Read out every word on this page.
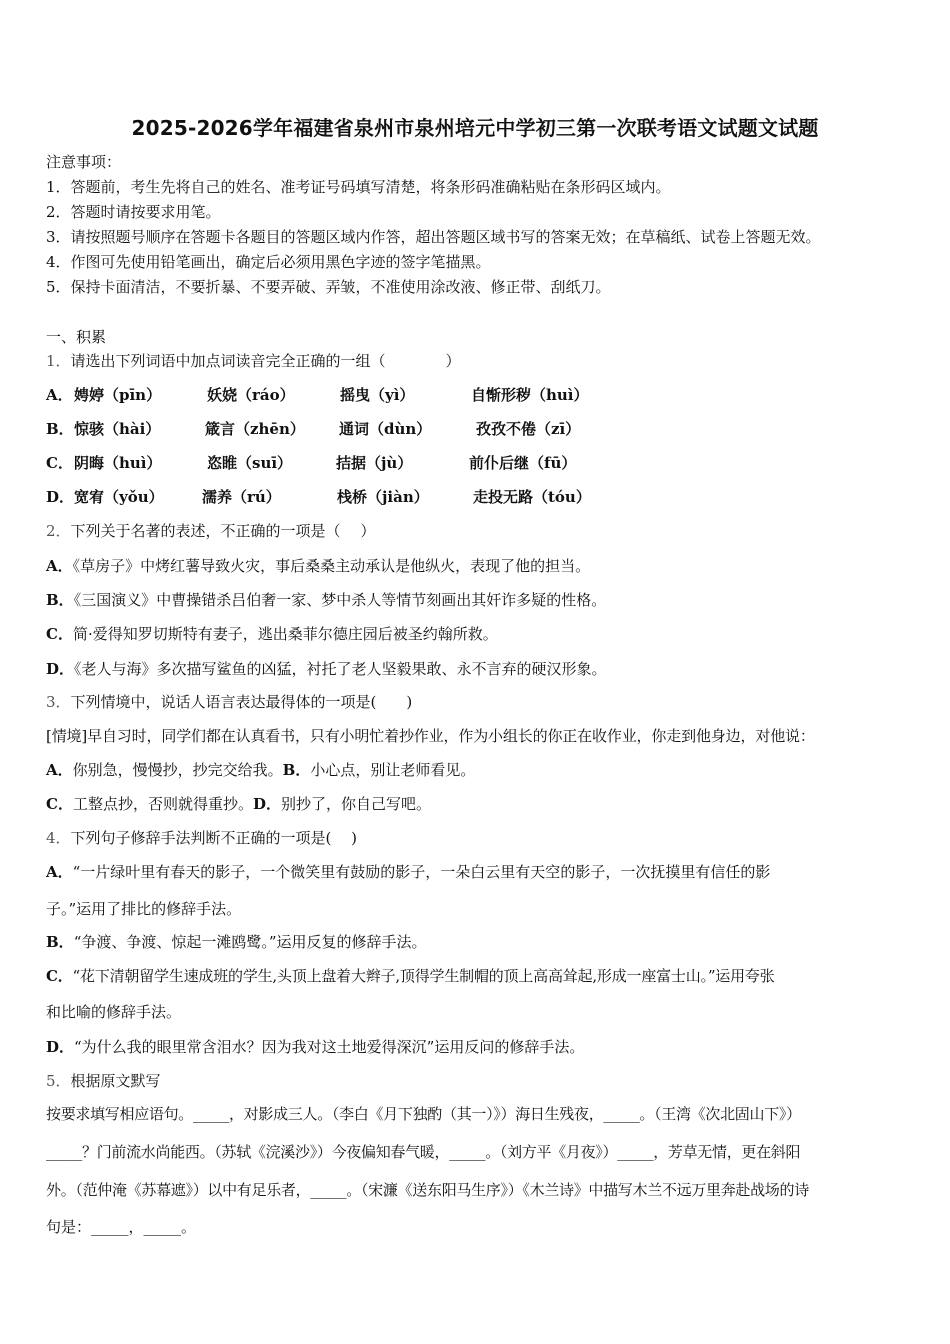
2025-2026学年福建省泉州市泉州培元中学初三第一次联考语文试题文试题
注意事项：
1．答题前，考生先将自己的姓名、准考证号码填写清楚，将条形码准确粘贴在条形码区域内。
2．答题时请按要求用笔。
3．请按照题号顺序在答题卡各题目的答题区域内作答，超出答题区域书写的答案无效；在草稿纸、试卷上答题无效。
4．作图可先使用铅笔画出，确定后必须用黑色字迹的签字笔描黑。
5．保持卡面清洁，不要折暴、不要弄破、弄皱，不准使用涂改液、修正带、刮纸刀。
一、积累
1．请选出下列词语中加点词读音完全正确的一组（　　　　）
A．娉婷（pīn）	妖娆（ráo）	摇曳（yì）	自惭形秽（huì）
B．惊骇（hài）	箴言（zhēn） 通词（dùn）	孜孜不倦（zī）
C．阴晦（huì）	恣睢（suī）	拮据（jù）	前仆后继（fū）
D．宽宥（yǒu）	濡养（rú）	栈桥（jiàn）	走投无路（tóu）
2．下列关于名著的表述，不正确的一项是（　 ）
A．《草房子》中烤红薯导致火灾，事后桑桑主动承认是他纵火，表现了他的担当。
B．《三国演义》中曹操错杀吕伯奢一家、梦中杀人等情节刻画出其奸诈多疑的性格。
C．简·爱得知罗切斯特有妻子，逃出桑菲尔德庄园后被圣约翰所救。
D．《老人与海》多次描写鲨鱼的凶猛，衬托了老人坚毅果敢、永不言弃的硬汉形象。
3．下列情境中，说话人语言表达最得体的一项是(　　)
[情境]早自习时，同学们都在认真看书，只有小明忙着抄作业，作为小组长的你正在收作业，你走到他身边，对他说：
A．你别急，慢慢抄，抄完交给我。B．小心点，别让老师看见。
C．工整点抄，否则就得重抄。D．别抄了，你自己写吧。
4．下列句子修辞手法判断不正确的一项是(　 )
A．“一片绿叶里有春天的影子，一个微笑里有鼓励的影子，一朵白云里有天空的影子，一次抚摸里有信任的影
子。”运用了排比的修辞手法。
B．“争渡、争渡、惊起一滩鸥鹭。”运用反复的修辞手法。
C．“花下清朝留学生速成班的学生,头顶上盘着大辫子,顶得学生制帽的顶上高高耸起,形成一座富士山。”运用夸张
和比喻的修辞手法。
D．“为什么我的眼里常含泪水？因为我对这土地爱得深沉”运用反问的修辞手法。
5．根据原文默写
按要求填写相应语句。_____，对影成三人。（李白《月下独酌（其一）》）海日生残夜，_____。（王湾《次北固山下》）
_____？门前流水尚能西。（苏轼《浣溪沙》）今夜偏知春气暖，_____。（刘方平《月夜》）_____，芳草无情，更在斜阳
外。（范仲淹《苏幕遮》）以中有足乐者，_____。（宋濂《送东阳马生序》）《木兰诗》中描写木兰不远万里奔赴战场的诗
句是：_____，_____。
